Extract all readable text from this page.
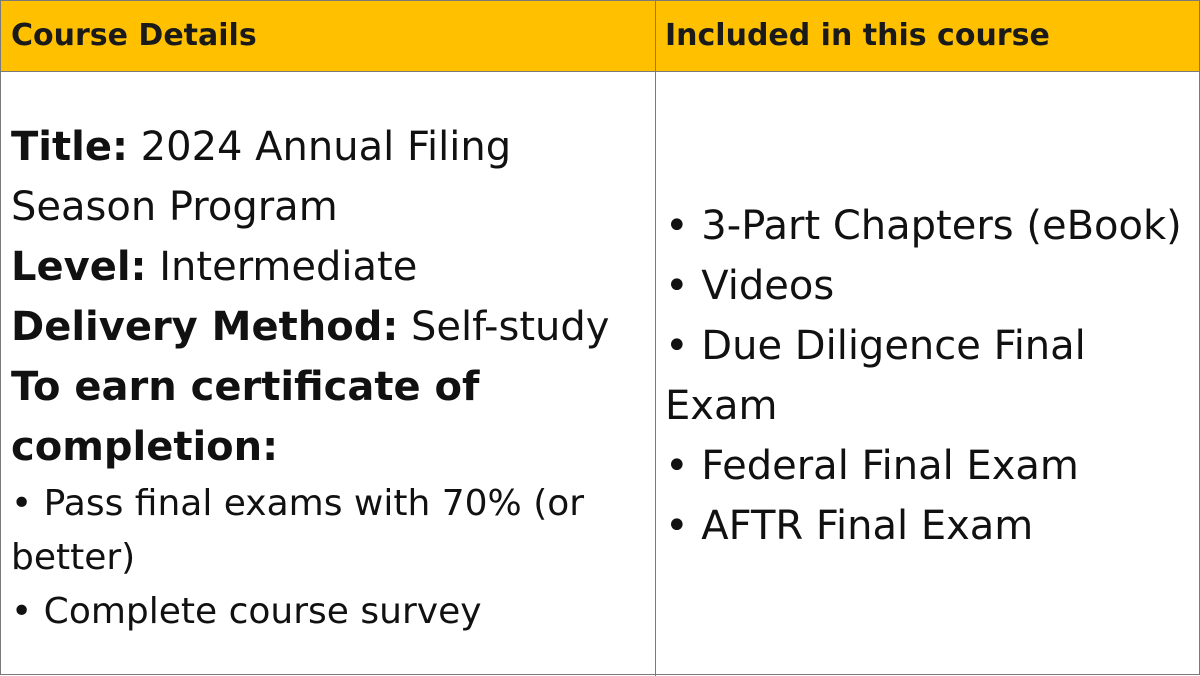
Course Details	Included in this course
Title: 2024 Annual Filing
Season Program
Level: Intermediate
Delivery Method: Self-study
To earn certificate of
completion:
• Pass final exams with 70% (or
better)
• Complete course survey
• 3-Part Chapters (eBook)
• Videos
• Due Diligence Final
Exam
• Federal Final Exam
• AFTR Final Exam
